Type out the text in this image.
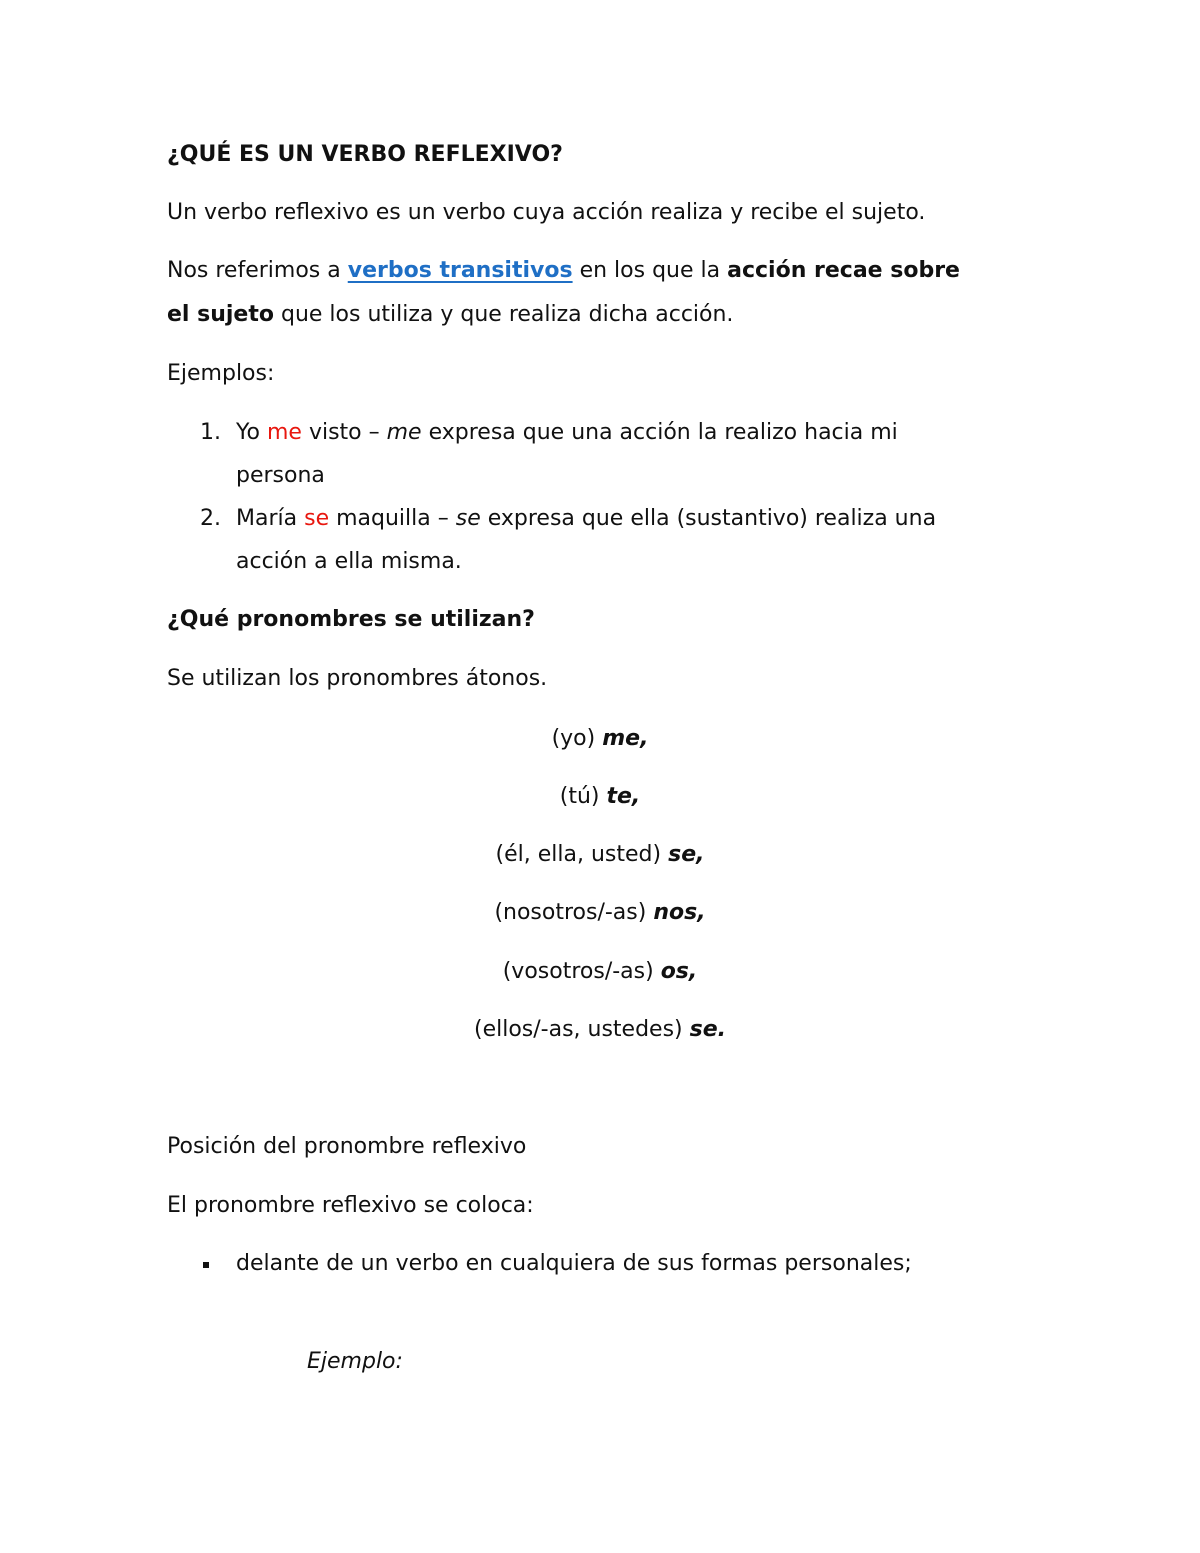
¿QUÉ ES UN VERBO REFLEXIVO?
Un verbo reflexivo es un verbo cuya acción realiza y recibe el sujeto.
Nos referimos a verbos transitivos en los que la acción recae sobre
el sujeto que los utiliza y que realiza dicha acción.
Ejemplos:
1. Yo me visto – me expresa que una acción la realizo hacia mi
persona
2. María se maquilla – se expresa que ella (sustantivo) realiza una
acción a ella misma.
¿Qué pronombres se utilizan?
Se utilizan los pronombres átonos.
(yo) me,
(tú) te,
(él, ella, usted) se,
(nosotros/-as) nos,
(vosotros/-as) os,
(ellos/-as, ustedes) se.
Posición del pronombre reflexivo
El pronombre reflexivo se coloca:
delante de un verbo en cualquiera de sus formas personales;
Ejemplo:
